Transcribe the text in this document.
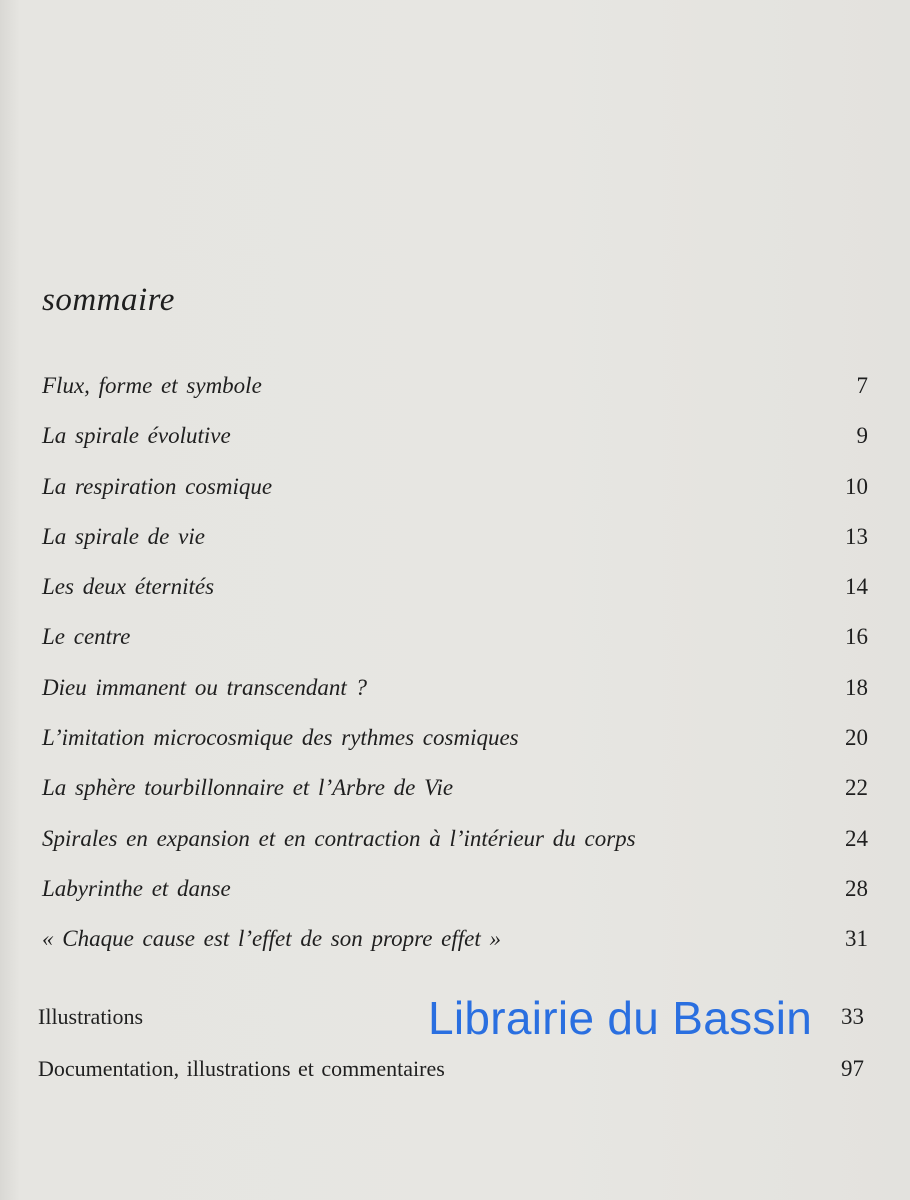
sommaire
Flux, forme et symbole	7
La spirale évolutive	9
La respiration cosmique	10
La spirale de vie	13
Les deux éternités	14
Le centre	16
Dieu immanent ou transcendant ?	18
L’imitation microcosmique des rythmes cosmiques	20
La sphère tourbillonnaire et l’Arbre de Vie	22
Spirales en expansion et en contraction à l’intérieur du corps	24
Labyrinthe et danse	28
« Chaque cause est l’effet de son propre effet »	31
Illustrations	33
Documentation, illustrations et commentaires	97
Librairie du Bassin
